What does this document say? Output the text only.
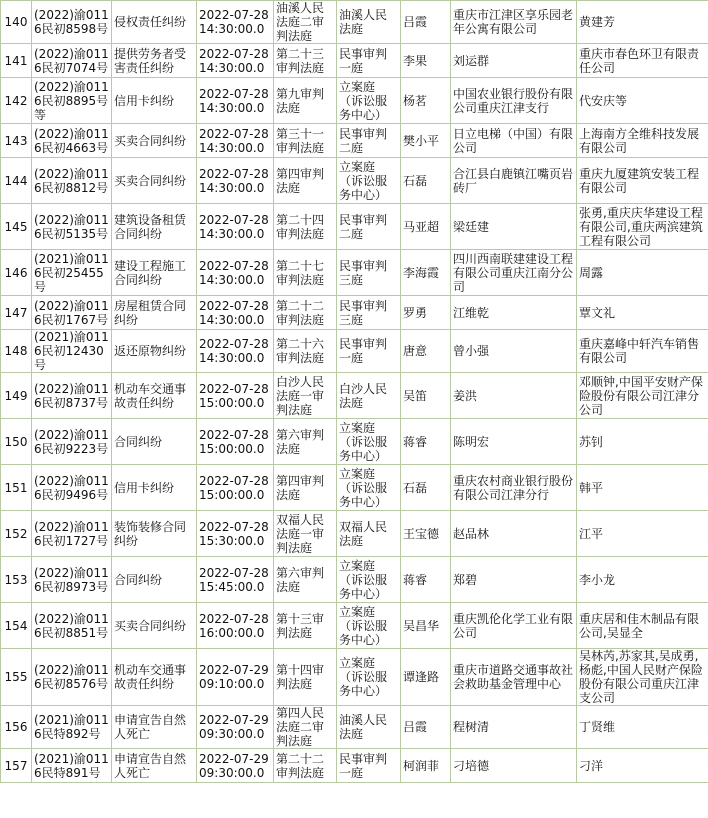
140	(2022)渝0116民初8598号	侵权责任纠纷	2022-07-28 14:30:00.0	油溪人民法庭二审判法庭	油溪人民法庭	吕霞	重庆市江津区享乐园老年公寓有限公司	黄建芳
141	(2022)渝0116民初7074号	提供劳务者受害责任纠纷	2022-07-28 14:30:00.0	第二十三审判法庭	民事审判一庭	李果	刘运群	重庆市春色环卫有限责任公司
142	(2022)渝0116民初8895号等	信用卡纠纷	2022-07-28 14:30:00.0	第九审判法庭	立案庭（诉讼服务中心）	杨茗	中国农业银行股份有限公司重庆江津支行	代安庆等
143	(2022)渝0116民初4663号	买卖合同纠纷	2022-07-28 14:30:00.0	第三十一审判法庭	民事审判二庭	樊小平	日立电梯（中国）有限公司	上海南方全维科技发展有限公司
144	(2022)渝0116民初8812号	买卖合同纠纷	2022-07-28 14:30:00.0	第四审判法庭	立案庭（诉讼服务中心）	石磊	合江县白鹿镇江嘴页岩砖厂	重庆九厦建筑安装工程有限公司
145	(2022)渝0116民初5135号	建筑设备租赁合同纠纷	2022-07-28 14:30:00.0	第二十四审判法庭	民事审判二庭	马亚超	梁廷建	张勇,重庆庆华建设工程有限公司,重庆两滨建筑工程有限公司
146	(2021)渝0116民初25455号	建设工程施工合同纠纷	2022-07-28 14:30:00.0	第二十七审判法庭	民事审判三庭	李海霞	四川西南联建建设工程有限公司重庆江南分公司	周露
147	(2022)渝0116民初1767号	房屋租赁合同纠纷	2022-07-28 14:30:00.0	第二十二审判法庭	民事审判三庭	罗勇	江维乾	覃文礼
148	(2021)渝0116民初12430号	返还原物纠纷	2022-07-28 14:30:00.0	第二十六审判法庭	民事审判一庭	唐意	曾小强	重庆嘉峰中轩汽车销售有限公司
149	(2022)渝0116民初8737号	机动车交通事故责任纠纷	2022-07-28 15:00:00.0	白沙人民法庭一审判法庭	白沙人民法庭	吴笛	姜洪	邓顺钟,中国平安财产保险股份有限公司江津分公司
150	(2022)渝0116民初9223号	合同纠纷	2022-07-28 15:00:00.0	第六审判法庭	立案庭（诉讼服务中心）	蒋睿	陈明宏	苏钊
151	(2022)渝0116民初9496号	信用卡纠纷	2022-07-28 15:00:00.0	第四审判法庭	立案庭（诉讼服务中心）	石磊	重庆农村商业银行股份有限公司江津分行	韩平
152	(2022)渝0116民初1727号	装饰装修合同纠纷	2022-07-28 15:30:00.0	双福人民法庭一审判法庭	双福人民法庭	王宝德	赵品林	江平
153	(2022)渝0116民初8973号	合同纠纷	2022-07-28 15:45:00.0	第六审判法庭	立案庭（诉讼服务中心）	蒋睿	郑碧	李小龙
154	(2022)渝0116民初8851号	买卖合同纠纷	2022-07-28 16:00:00.0	第十三审判法庭	立案庭（诉讼服务中心）	吴昌华	重庆凯伦化学工业有限公司	重庆居和佳木制品有限公司,吴显全
155	(2022)渝0116民初8576号	机动车交通事故责任纠纷	2022-07-29 09:10:00.0	第十四审判法庭	立案庭（诉讼服务中心）	谭逢路	重庆市道路交通事故社会救助基金管理中心	吴林芮,苏家其,吴成勇,杨彪,中国人民财产保险股份有限公司重庆江津支公司
156	(2021)渝0116民特892号	申请宣告自然人死亡	2022-07-29 09:30:00.0	第四人民法庭二审判法庭	油溪人民法庭	吕霞	程树清	丁贤维
157	(2021)渝0116民特891号	申请宣告自然人死亡	2022-07-29 09:30:00.0	第二十二审判法庭	民事审判一庭	柯润菲	刁培德	刁洋
